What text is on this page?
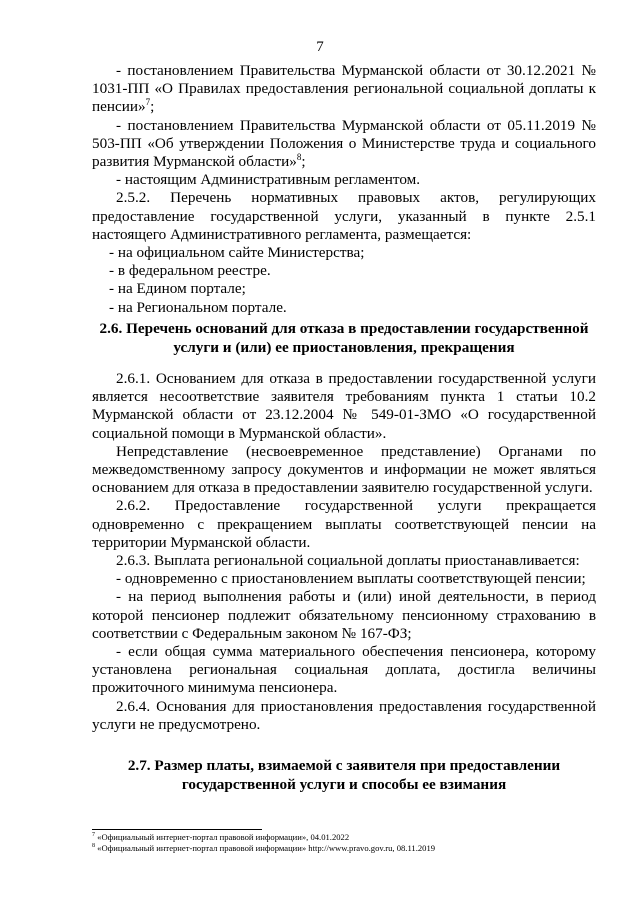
7

- постановлением Правительства Мурманской области от 30.12.2021 № 1031-ПП «О Правилах предоставления региональной социальной доплаты к пенсии»$^7$;

- постановлением Правительства Мурманской области от 05.11.2019 № 503-ПП «Об утверждении Положения о Министерстве труда и социального развития Мурманской области»$^8$;

- настоящим Административным регламентом.

2.5.2. Перечень нормативных правовых актов, регулирующих предоставление государственной услуги, указанный в пункте 2.5.1 настоящего Административного регламента, размещается:

- на официальном сайте Министерства;

- в федеральном реестре.

- на Едином портале;

- на Региональном портале.

2.6. Перечень оснований для отказа в предоставлении государственной
услуги и (или) ее приостановления, прекращения

2.6.1. Основанием для отказа в предоставлении государственной услуги является несоответствие заявителя требованиям пункта 1 статьи 10.2 Мурманской области от 23.12.2004 № 549-01-ЗМО «О государственной социальной помощи в Мурманской области».

Непредставление (несвоевременное представление) Органами по межведомственному запросу документов и информации не может являться основанием для отказа в предоставлении заявителю государственной услуги.

2.6.2. Предоставление государственной услуги прекращается одновременно с прекращением выплаты соответствующей пенсии на территории Мурманской области.

2.6.3. Выплата региональной социальной доплаты приостанавливается:

- одновременно с приостановлением выплаты соответствующей пенсии;

- на период выполнения работы и (или) иной деятельности, в период которой пенсионер подлежит обязательному пенсионному страхованию в соответствии с Федеральным законом № 167-ФЗ;

- если общая сумма материального обеспечения пенсионера, которому установлена региональная социальная доплата, достигла величины прожиточного минимума пенсионера.

2.6.4. Основания для приостановления предоставления государственной услуги не предусмотрено.

2.7. Размер платы, взимаемой с заявителя при предоставлении
государственной услуги и способы ее взимания
$^7$ «Официальный интернет-портал правовой информации», 04.01.2022
$^8$ «Официальный интернет-портал правовой информации» http://www.pravo.gov.ru, 08.11.2019
